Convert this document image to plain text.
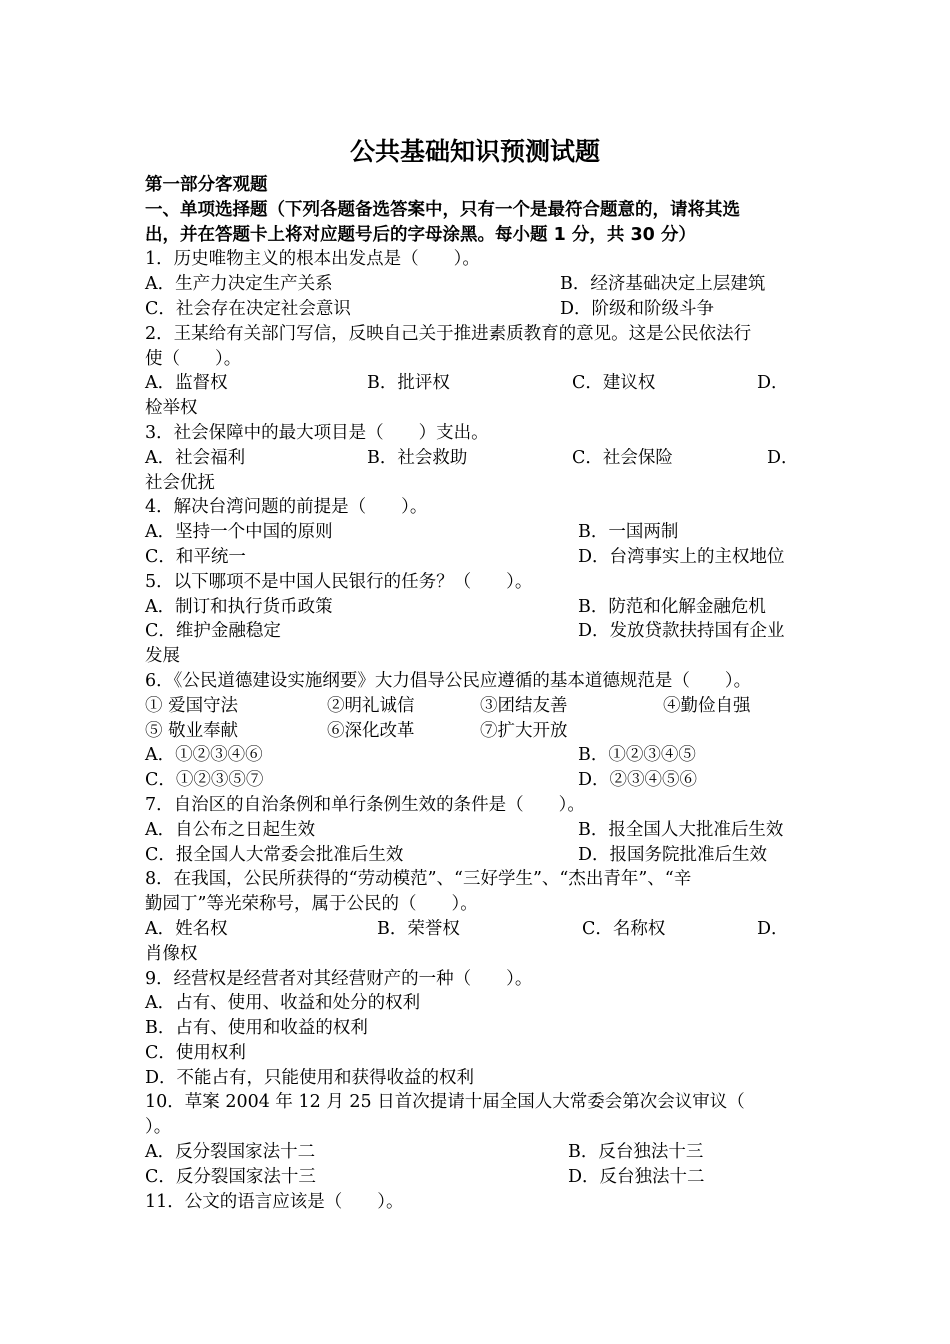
公共基础知识预测试题
第一部分客观题
一、单项选择题（下列各题备选答案中，只有一个是最符合题意的，请将其选
出，并在答题卡上将对应题号后的字母涂黑。每小题 1 分，共 30 分）
1．历史唯物主义的根本出发点是（　　）。
A．生产力决定生产关系	B．经济基础决定上层建筑
C．社会存在决定社会意识	D．阶级和阶级斗争
2．王某给有关部门写信，反映自己关于推进素质教育的意见。这是公民依法行
使（　　）。
A．监督权	B．批评权	C．建议权	D．
检举权
3．社会保障中的最大项目是（　　）支出。
A．社会福利	B．社会救助	C．社会保险	D．
社会优抚
4．解决台湾问题的前提是（　　）。
A．坚持一个中国的原则	B．一国两制
C．和平统一	D．台湾事实上的主权地位
5．以下哪项不是中国人民银行的任务？（　　）。
A．制订和执行货币政策	B．防范和化解金融危机
C．维护金融稳定	D．发放贷款扶持国有企业
发展
6．《公民道德建设实施纲要》大力倡导公民应遵循的基本道德规范是（　　）。
① 爱国守法	②明礼诚信	③团结友善	④勤俭自强
⑤ 敬业奉献	⑥深化改革	⑦扩大开放
A．①②③④⑥	B．①②③④⑤
C．①②③⑤⑦	D．②③④⑤⑥
7．自治区的自治条例和单行条例生效的条件是（　　）。
A．自公布之日起生效	B．报全国人大批准后生效
C．报全国人大常委会批准后生效	D．报国务院批准后生效
8．在我国，公民所获得的“劳动模范”、“三好学生”、“杰出青年”、“辛
勤园丁”等光荣称号，属于公民的（　　）。
A．姓名权	B．荣誉权	C．名称权	D．
肖像权
9．经营权是经营者对其经营财产的一种（　　）。
A．占有、使用、收益和处分的权利
B．占有、使用和收益的权利
C．使用权利
D．不能占有，只能使用和获得收益的权利
10．草案 2004 年 12 月 25 日首次提请十届全国人大常委会第次会议审议（
）。
A．反分裂国家法十二	B．反台独法十三
C．反分裂国家法十三	D．反台独法十二
11．公文的语言应该是（　　）。
